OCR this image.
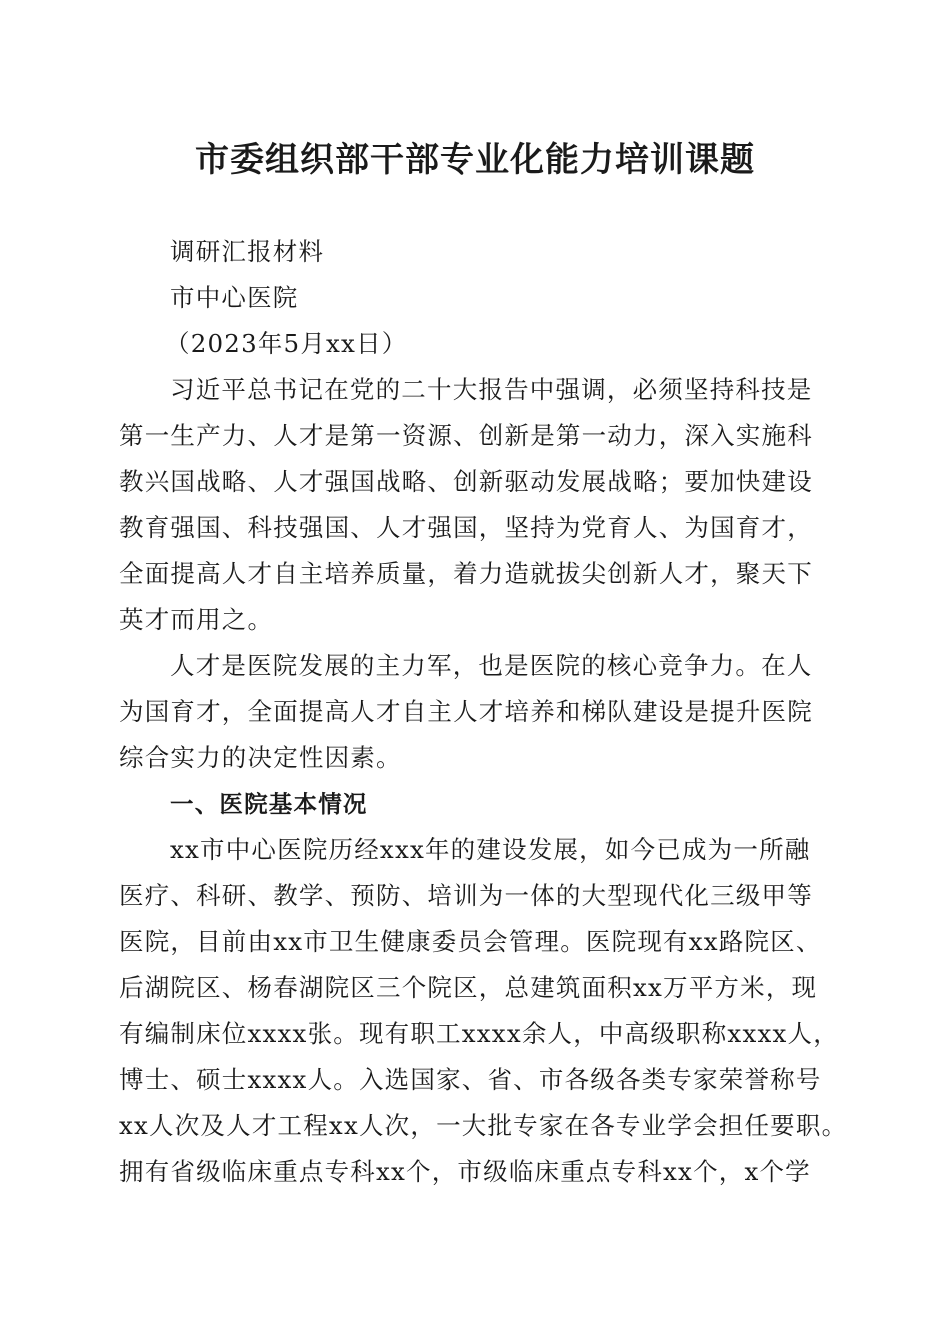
市委组织部干部专业化能力培训课题
调研汇报材料
市中心医院
（2023年5月xx日）
习近平总书记在党的二十大报告中强调，必须坚持科技是
第一生产力、人才是第一资源、创新是第一动力，深入实施科
教兴国战略、人才强国战略、创新驱动发展战略；要加快建设
教育强国、科技强国、人才强国，坚持为党育人、为国育才，
全面提高人才自主培养质量，着力造就拔尖创新人才，聚天下
英才而用之。
人才是医院发展的主力军，也是医院的核心竞争力。在人
为国育才，全面提高人才自主人才培养和梯队建设是提升医院
综合实力的决定性因素。
一、医院基本情况
xx市中心医院历经xxx年的建设发展，如今已成为一所融
医疗、科研、教学、预防、培训为一体的大型现代化三级甲等
医院，目前由xx市卫生健康委员会管理。医院现有xx路院区、
后湖院区、杨春湖院区三个院区，总建筑面积xx万平方米，现
有编制床位xxxx张。现有职工xxxx余人，中高级职称xxxx人，
博士、硕士xxxx人。入选国家、省、市各级各类专家荣誉称号
xx人次及人才工程xx人次，一大批专家在各专业学会担任要职。
拥有省级临床重点专科xx个，市级临床重点专科xx个，x个学
